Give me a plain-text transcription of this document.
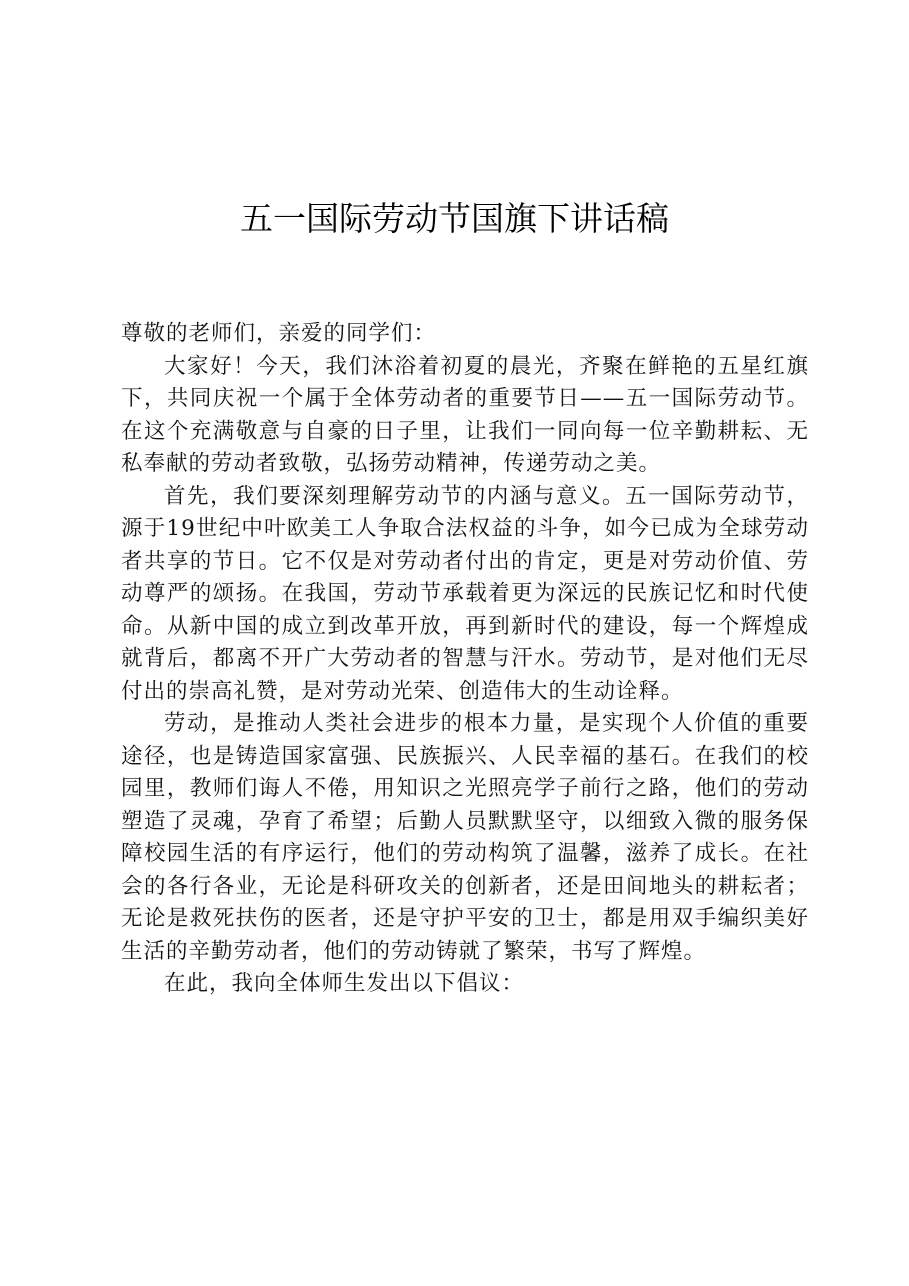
五一国际劳动节国旗下讲话稿

尊敬的老师们，亲爱的同学们：

大家好！今天，我们沐浴着初夏的晨光，齐聚在鲜艳的五星红旗下，共同庆祝一个属于全体劳动者的重要节日——五一国际劳动节。在这个充满敬意与自豪的日子里，让我们一同向每一位辛勤耕耘、无私奉献的劳动者致敬，弘扬劳动精神，传递劳动之美。

首先，我们要深刻理解劳动节的内涵与意义。五一国际劳动节，源于19世纪中叶欧美工人争取合法权益的斗争，如今已成为全球劳动者共享的节日。它不仅是对劳动者付出的肯定，更是对劳动价值、劳动尊严的颂扬。在我国，劳动节承载着更为深远的民族记忆和时代使命。从新中国的成立到改革开放，再到新时代的建设，每一个辉煌成就背后，都离不开广大劳动者的智慧与汗水。劳动节，是对他们无尽付出的崇高礼赞，是对劳动光荣、创造伟大的生动诠释。

劳动，是推动人类社会进步的根本力量，是实现个人价值的重要途径，也是铸造国家富强、民族振兴、人民幸福的基石。在我们的校园里，教师们诲人不倦，用知识之光照亮学子前行之路，他们的劳动塑造了灵魂，孕育了希望；后勤人员默默坚守，以细致入微的服务保障校园生活的有序运行，他们的劳动构筑了温馨，滋养了成长。在社会的各行各业，无论是科研攻关的创新者，还是田间地头的耕耘者；无论是救死扶伤的医者，还是守护平安的卫士，都是用双手编织美好生活的辛勤劳动者，他们的劳动铸就了繁荣，书写了辉煌。

在此，我向全体师生发出以下倡议：
